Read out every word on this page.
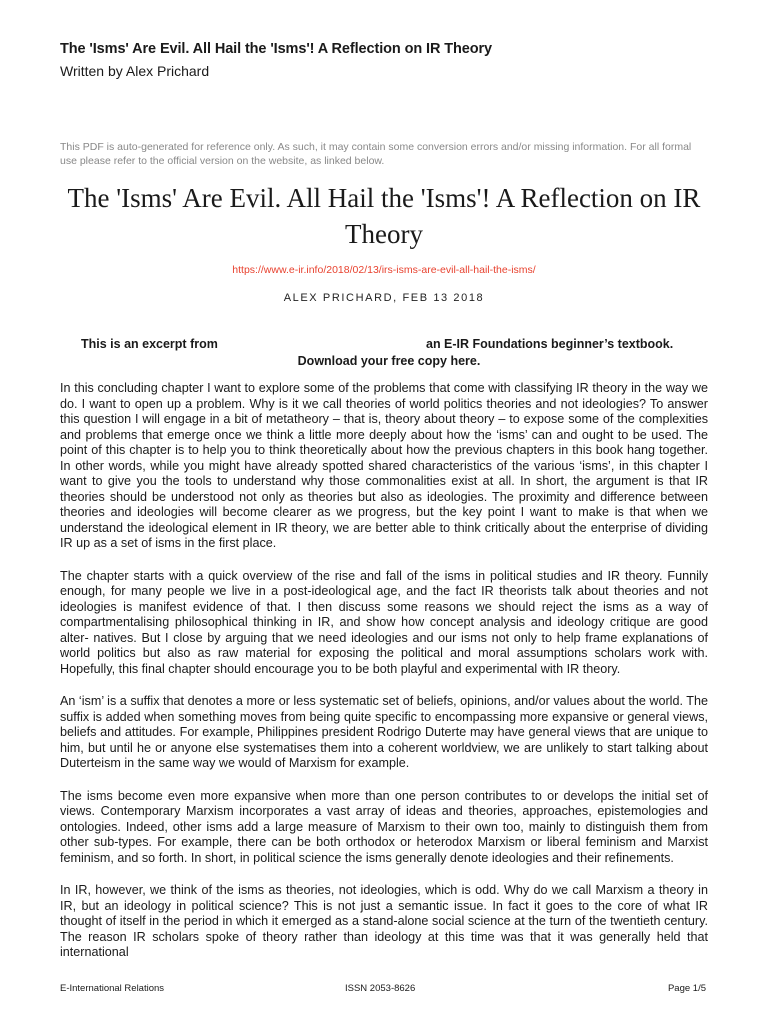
The 'Isms' Are Evil. All Hail the 'Isms'! A Reflection on IR Theory
Written by Alex Prichard
This PDF is auto-generated for reference only. As such, it may contain some conversion errors and/or missing information. For all formal use please refer to the official version on the website, as linked below.
The 'Isms' Are Evil. All Hail the 'Isms'! A Reflection on IR Theory
https://www.e-ir.info/2018/02/13/irs-isms-are-evil-all-hail-the-isms/
ALEX PRICHARD, FEB 13 2018
This is an excerpt from	an E-IR Foundations beginner’s textbook.
Download your free copy here.

In this concluding chapter I want to explore some of the problems that come with classifying IR theory in the way we do. I want to open up a problem. Why is it we call theories of world politics theories and not ideologies? To answer this question I will engage in a bit of metatheory – that is, theory about theory – to expose some of the complexities and problems that emerge once we think a little more deeply about how the ‘isms’ can and ought to be used. The point of this chapter is to help you to think theoretically about how the previous chapters in this book hang together. In other words, while you might have already spotted shared characteristics of the various ‘isms’, in this chapter I want to give you the tools to understand why those commonalities exist at all. In short, the argument is that IR theories should be understood not only as theories but also as ideologies. The proximity and difference between theories and ideologies will become clearer as we progress, but the key point I want to make is that when we understand the ideological element in IR theory, we are better able to think critically about the enterprise of dividing IR up as a set of isms in the first place.

The chapter starts with a quick overview of the rise and fall of the isms in political studies and IR theory. Funnily enough, for many people we live in a post-ideological age, and the fact IR theorists talk about theories and not ideologies is manifest evidence of that. I then discuss some reasons we should reject the isms as a way of compartmentalising philosophical thinking in IR, and show how concept analysis and ideology critique are good alter- natives. But I close by arguing that we need ideologies and our isms not only to help frame explanations of world politics but also as raw material for exposing the political and moral assumptions scholars work with. Hopefully, this final chapter should encourage you to be both playful and experimental with IR theory.

An ‘ism’ is a suffix that denotes a more or less systematic set of beliefs, opinions, and/or values about the world. The suffix is added when something moves from being quite specific to encompassing more expansive or general views, beliefs and attitudes. For example, Philippines president Rodrigo Duterte may have general views that are unique to him, but until he or anyone else systematises them into a coherent worldview, we are unlikely to start talking about Duterteism in the same way we would of Marxism for example.

The isms become even more expansive when more than one person contributes to or develops the initial set of views. Contemporary Marxism incorporates a vast array of ideas and theories, approaches, epistemologies and ontologies. Indeed, other isms add a large measure of Marxism to their own too, mainly to distinguish them from other sub-types. For example, there can be both orthodox or heterodox Marxism or liberal feminism and Marxist feminism, and so forth. In short, in political science the isms generally denote ideologies and their refinements.

In IR, however, we think of the isms as theories, not ideologies, which is odd. Why do we call Marxism a theory in IR, but an ideology in political science? This is not just a semantic issue. In fact it goes to the core of what IR thought of itself in the period in which it emerged as a stand-alone social science at the turn of the twentieth century. The reason IR scholars spoke of theory rather than ideology at this time was that it was generally held that international

E-International Relations	ISSN 2053-8626	Page 1/5
